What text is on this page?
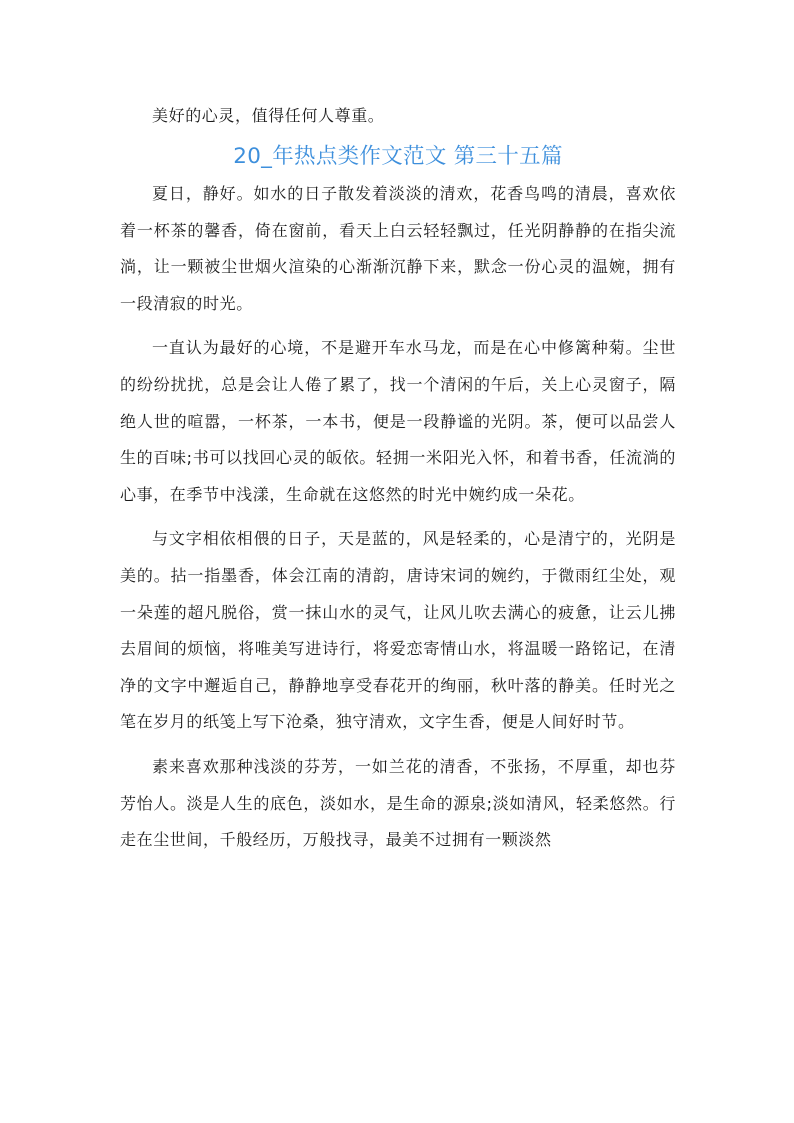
美好的心灵，值得任何人尊重。

20_年热点类作文范文 第三十五篇

夏日，静好。如水的日子散发着淡淡的清欢，花香鸟鸣的清晨，喜欢依着一杯茶的馨香，倚在窗前，看天上白云轻轻飘过，任光阴静静的在指尖流淌，让一颗被尘世烟火渲染的心渐渐沉静下来，默念一份心灵的温婉，拥有一段清寂的时光。

一直认为最好的心境，不是避开车水马龙，而是在心中修篱种菊。尘世的纷纷扰扰，总是会让人倦了累了，找一个清闲的午后，关上心灵窗子，隔绝人世的喧嚣，一杯茶，一本书，便是一段静谧的光阴。茶，便可以品尝人生的百味;书可以找回心灵的皈依。轻拥一米阳光入怀，和着书香，任流淌的心事，在季节中浅漾，生命就在这悠然的时光中婉约成一朵花。

与文字相依相偎的日子，天是蓝的，风是轻柔的，心是清宁的，光阴是美的。拈一指墨香，体会江南的清韵，唐诗宋词的婉约，于微雨红尘处，观一朵莲的超凡脱俗，赏一抹山水的灵气，让风儿吹去满心的疲惫，让云儿拂去眉间的烦恼，将唯美写进诗行，将爱恋寄情山水，将温暖一路铭记，在清净的文字中邂逅自己，静静地享受春花开的绚丽，秋叶落的静美。任时光之笔在岁月的纸笺上写下沧桑，独守清欢，文字生香，便是人间好时节。

素来喜欢那种浅淡的芬芳，一如兰花的清香，不张扬，不厚重，却也芬芳怡人。淡是人生的底色，淡如水，是生命的源泉;淡如清风，轻柔悠然。行走在尘世间，千般经历，万般找寻，最美不过拥有一颗淡然
